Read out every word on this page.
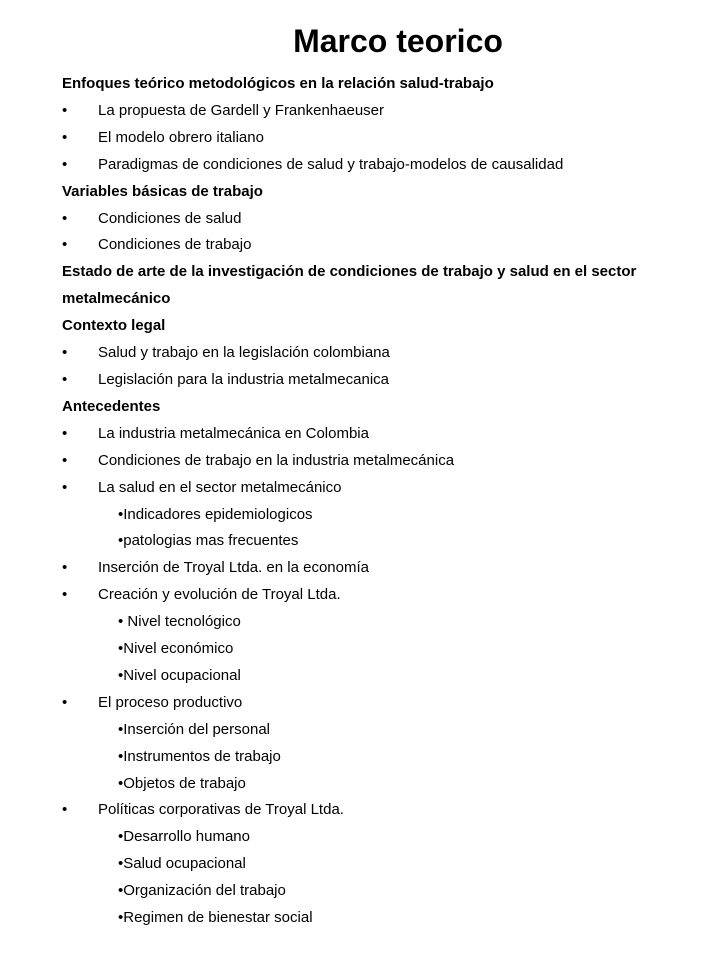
Marco teorico
Enfoques teórico metodológicos en la relación salud-trabajo
• La propuesta de Gardell y Frankenhaeuser
• El modelo obrero italiano
• Paradigmas de condiciones de salud y trabajo-modelos de causalidad
Variables básicas de trabajo
• Condiciones de salud
• Condiciones de trabajo
Estado de arte de la investigación de condiciones de trabajo y salud en el sector metalmecánico
Contexto legal
• Salud y trabajo en la legislación colombiana
• Legislación para la industria metalmecanica
Antecedentes
• La industria metalmecánica en Colombia
• Condiciones de trabajo en la industria metalmecánica
• La salud en el sector metalmecánico
•Indicadores epidemiologicos
•patologias mas frecuentes
• Inserción de Troyal Ltda. en la economía
• Creación y evolución de Troyal Ltda.
• Nivel tecnológico
•Nivel económico
•Nivel ocupacional
• El proceso productivo
•Inserción del personal
•Instrumentos de trabajo
•Objetos de trabajo
• Políticas corporativas de Troyal Ltda.
•Desarrollo humano
•Salud ocupacional
•Organización del trabajo
•Regimen de bienestar social
